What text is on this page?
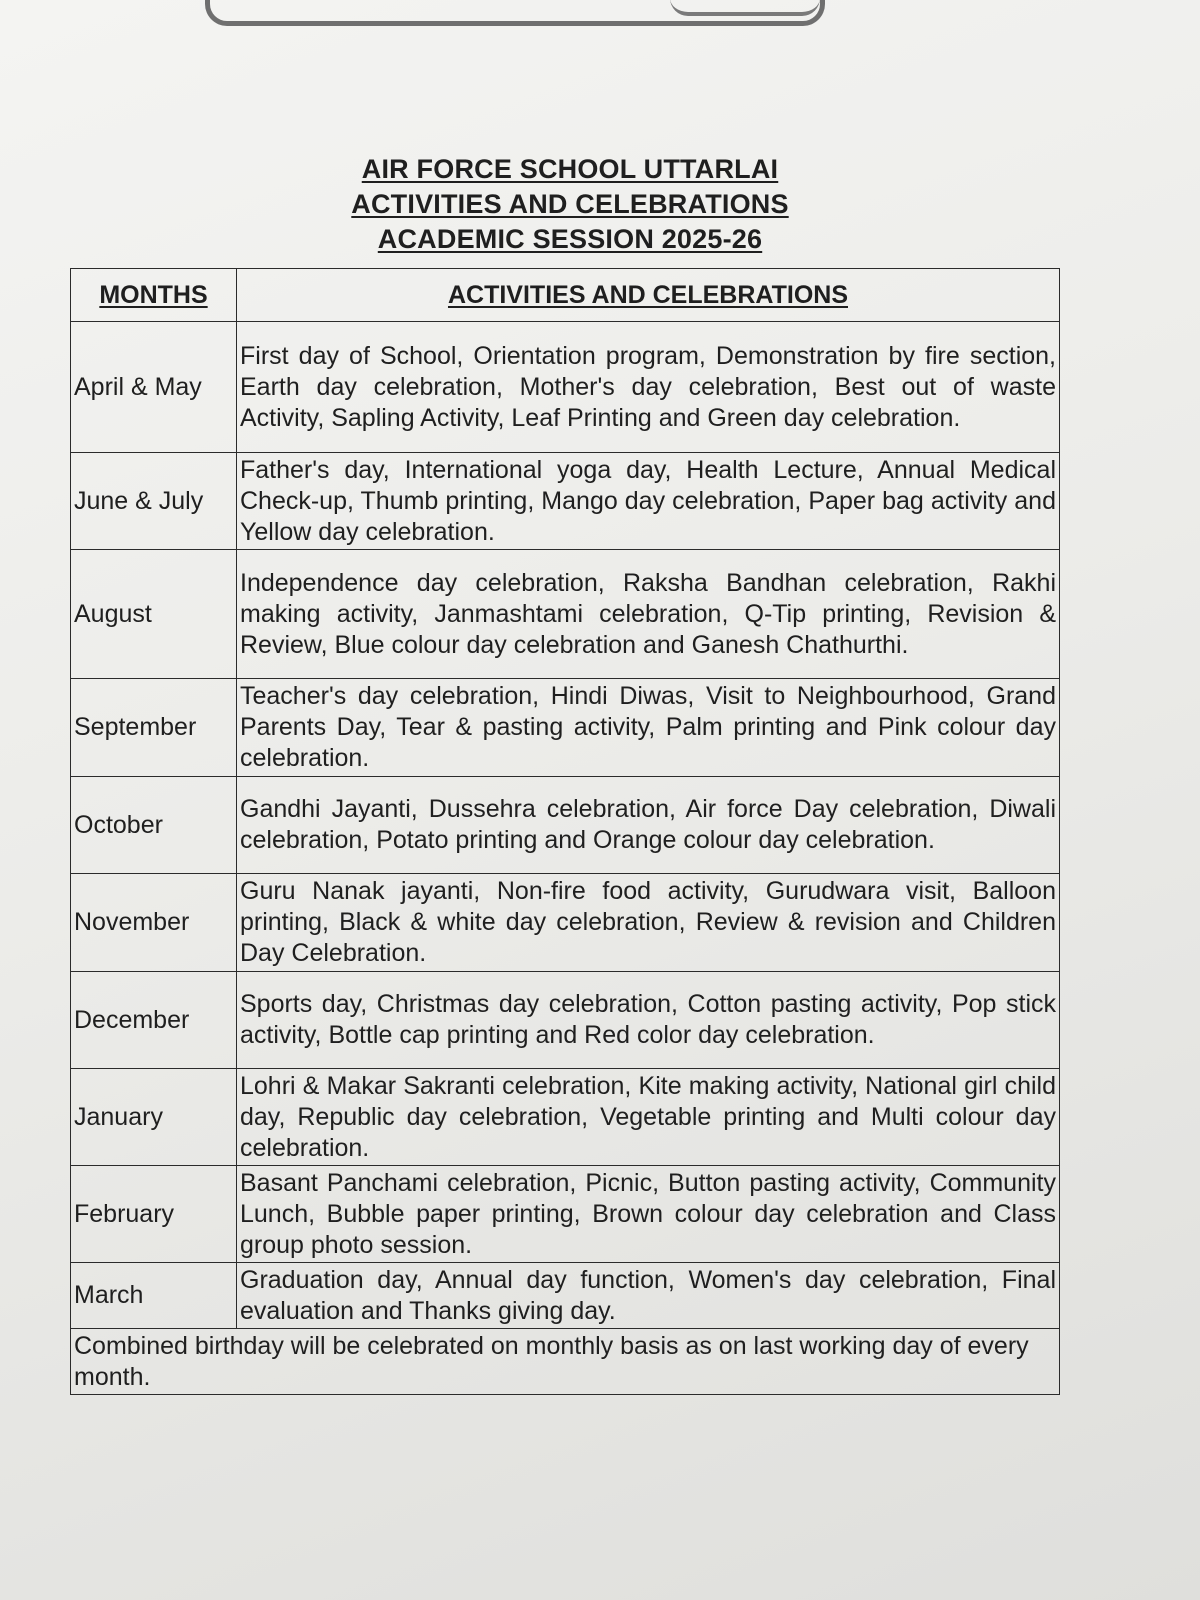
AIR FORCE SCHOOL UTTARLAI
ACTIVITIES AND CELEBRATIONS
ACADEMIC SESSION 2025-26
MONTHS	ACTIVITIES AND CELEBRATIONS
April & May	First day of School, Orientation program, Demonstration by fire section, Earth day celebration, Mother's day celebration, Best out of waste Activity, Sapling Activity, Leaf Printing and Green day celebration.
June & July	Father's day, International yoga day, Health Lecture, Annual Medical Check-up, Thumb printing, Mango day celebration, Paper bag activity and Yellow day celebration.
August	Independence day celebration, Raksha Bandhan celebration, Rakhi making activity, Janmashtami celebration, Q-Tip printing, Revision & Review, Blue colour day celebration and Ganesh Chathurthi.
September	Teacher's day celebration, Hindi Diwas, Visit to Neighbourhood, Grand Parents Day, Tear & pasting activity, Palm printing and Pink colour day celebration.
October	Gandhi Jayanti, Dussehra celebration, Air force Day celebration, Diwali celebration, Potato printing and Orange colour day celebration.
November	Guru Nanak jayanti, Non-fire food activity, Gurudwara visit, Balloon printing, Black & white day celebration, Review & revision and Children Day Celebration.
December	Sports day, Christmas day celebration, Cotton pasting activity, Pop stick activity, Bottle cap printing and Red color day celebration.
January	Lohri & Makar Sakranti celebration, Kite making activity, National girl child day, Republic day celebration, Vegetable printing and Multi colour day celebration.
February	Basant Panchami celebration, Picnic, Button pasting activity, Community Lunch, Bubble paper printing, Brown colour day celebration and Class group photo session.
March	Graduation day, Annual day function, Women's day celebration, Final evaluation and Thanks giving day.
Combined birthday will be celebrated on monthly basis as on last working day of every month.	
